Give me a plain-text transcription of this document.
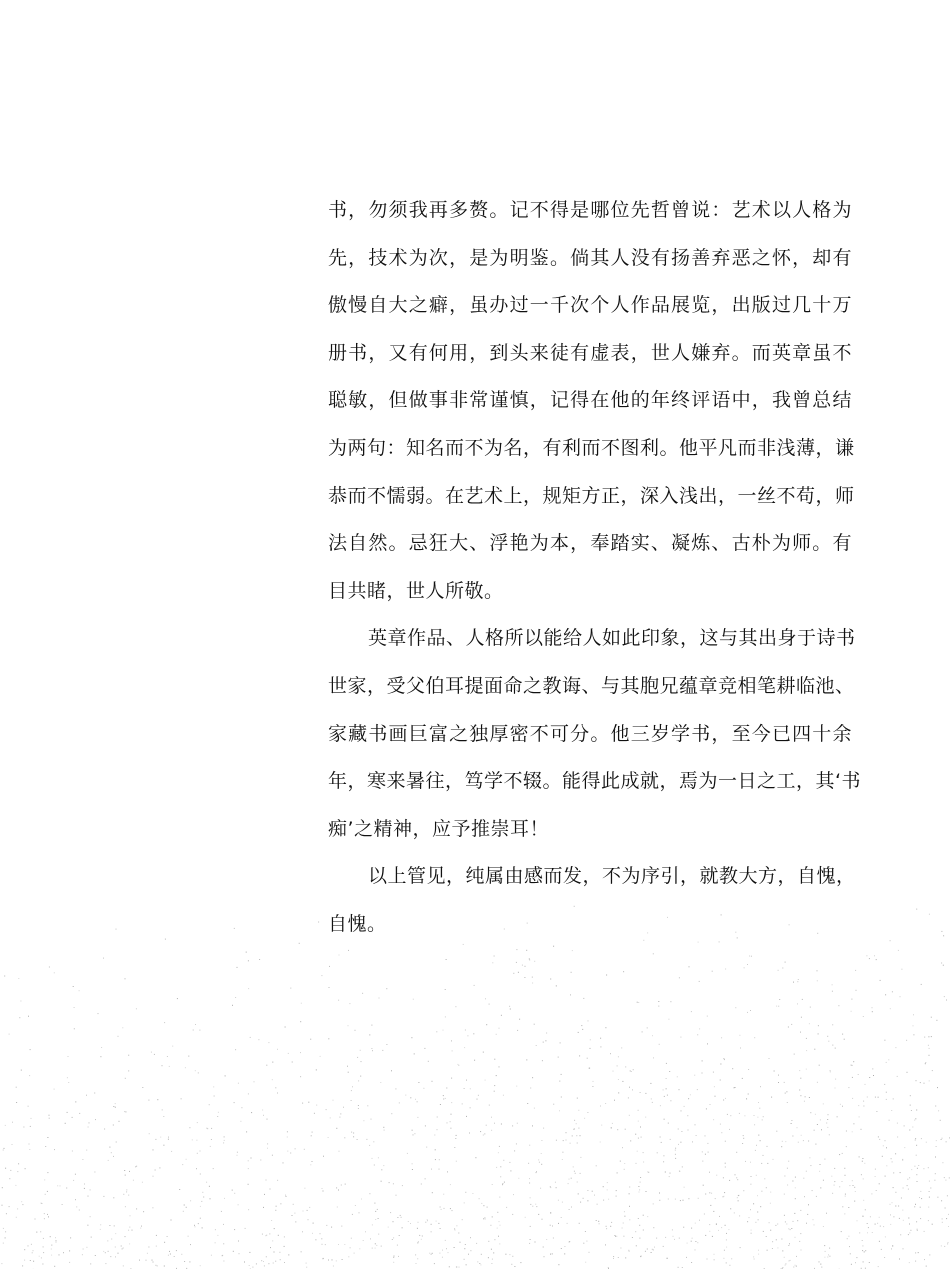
书，勿须我再多赘。记不得是哪位先哲曾说：艺术以人格为
先，技术为次，是为明鉴。倘其人没有扬善弃恶之怀，却有
傲慢自大之癖，虽办过一千次个人作品展览，出版过几十万
册书，又有何用，到头来徒有虚表，世人嫌弃。而英章虽不
聪敏，但做事非常谨慎，记得在他的年终评语中，我曾总结
为两句：知名而不为名，有利而不图利。他平凡而非浅薄，谦
恭而不懦弱。在艺术上，规矩方正，深入浅出，一丝不苟，师
法自然。忌狂大、浮艳为本，奉踏实、凝炼、古朴为师。有
目共睹，世人所敬。
英章作品、人格所以能给人如此印象，这与其出身于诗书
世家，受父伯耳提面命之教诲、与其胞兄蕴章竞相笔耕临池、
家藏书画巨富之独厚密不可分。他三岁学书，至今已四十余
年，寒来暑往，笃学不辍。能得此成就，焉为一日之工，其‘书
痴’之精神，应予推崇耳！
以上管见，纯属由感而发，不为序引，就教大方，自愧，
自愧。
